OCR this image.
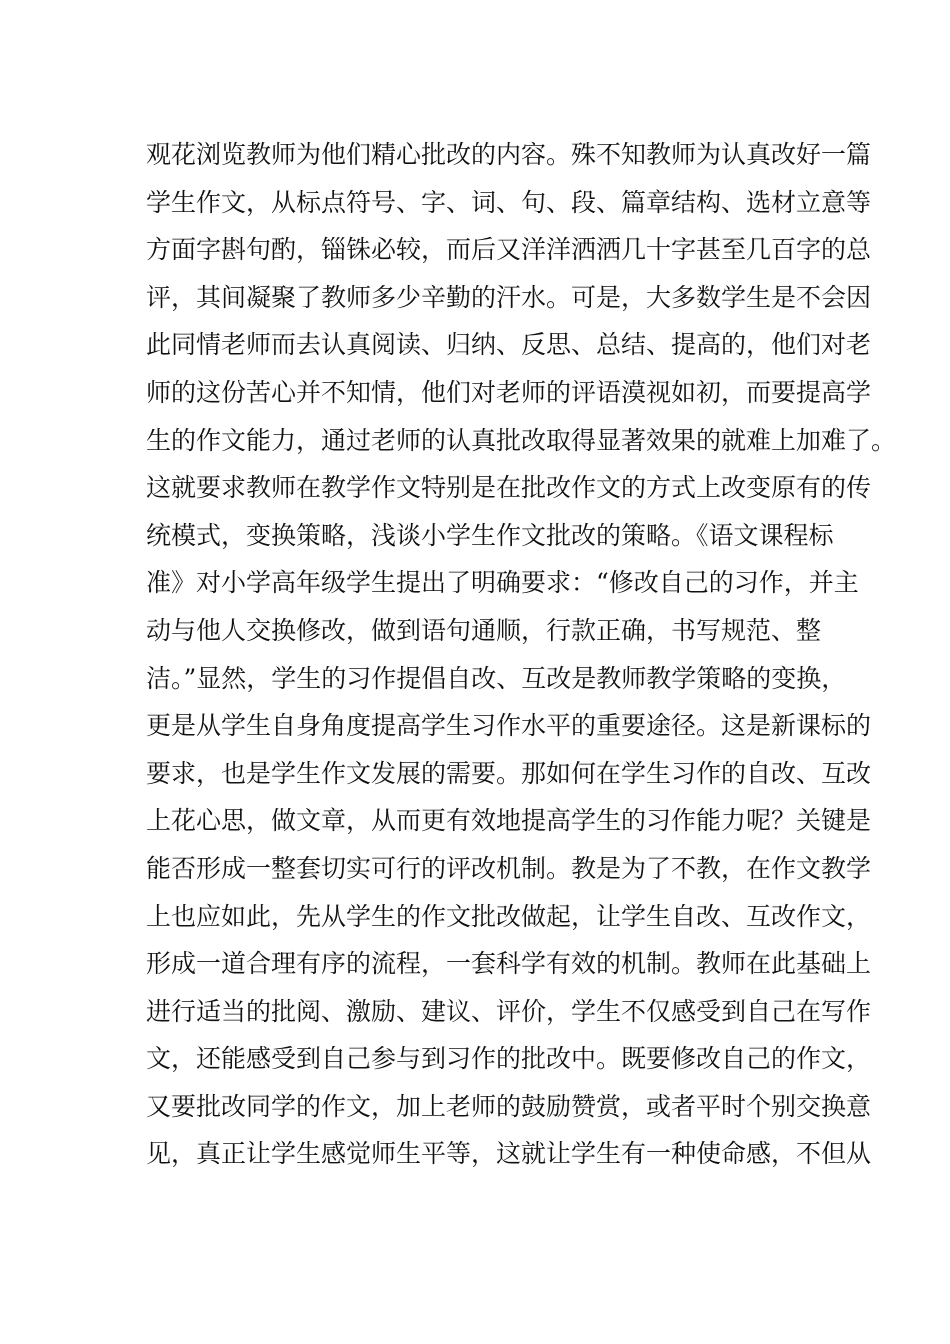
观花浏览教师为他们精心批改的内容。殊不知教师为认真改好一篇
学生作文，从标点符号、字、词、句、段、篇章结构、选材立意等
方面字斟句酌，锱铢必较，而后又洋洋洒洒几十字甚至几百字的总
评，其间凝聚了教师多少辛勤的汗水。可是，大多数学生是不会因
此同情老师而去认真阅读、归纳、反思、总结、提高的，他们对老
师的这份苦心并不知情，他们对老师的评语漠视如初，而要提高学
生的作文能力，通过老师的认真批改取得显著效果的就难上加难了。
这就要求教师在教学作文特别是在批改作文的方式上改变原有的传
统模式，变换策略，浅谈小学生作文批改的策略。《语文课程标
准》对小学高年级学生提出了明确要求：“修改自己的习作，并主
动与他人交换修改，做到语句通顺，行款正确，书写规范、整
洁。”显然，学生的习作提倡自改、互改是教师教学策略的变换，
更是从学生自身角度提高学生习作水平的重要途径。这是新课标的
要求，也是学生作文发展的需要。那如何在学生习作的自改、互改
上花心思，做文章，从而更有效地提高学生的习作能力呢？关键是
能否形成一整套切实可行的评改机制。教是为了不教，在作文教学
上也应如此，先从学生的作文批改做起，让学生自改、互改作文，
形成一道合理有序的流程，一套科学有效的机制。教师在此基础上
进行适当的批阅、激励、建议、评价，学生不仅感受到自己在写作
文，还能感受到自己参与到习作的批改中。既要修改自己的作文，
又要批改同学的作文，加上老师的鼓励赞赏，或者平时个别交换意
见，真正让学生感觉师生平等，这就让学生有一种使命感，不但从
